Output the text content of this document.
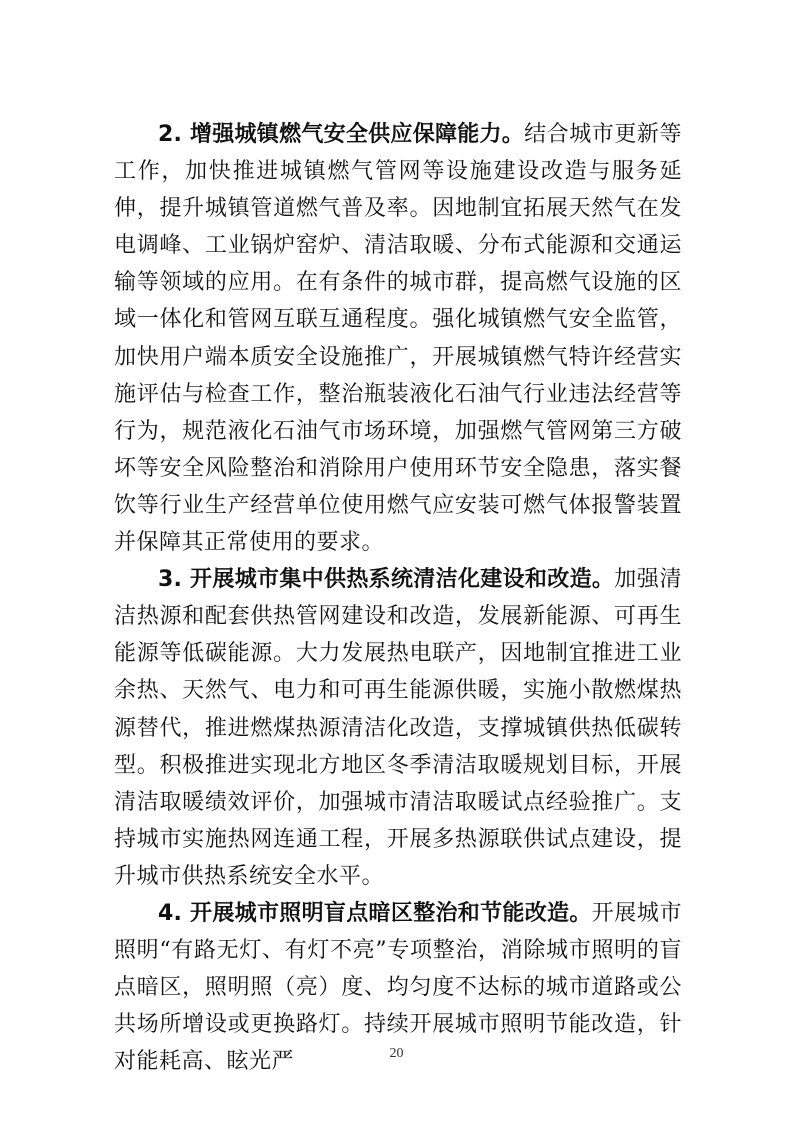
2. 增强城镇燃气安全供应保障能力。结合城市更新等工作，加快推进城镇燃气管网等设施建设改造与服务延伸，提升城镇管道燃气普及率。因地制宜拓展天然气在发电调峰、工业锅炉窑炉、清洁取暖、分布式能源和交通运输等领域的应用。在有条件的城市群，提高燃气设施的区域一体化和管网互联互通程度。强化城镇燃气安全监管，加快用户端本质安全设施推广，开展城镇燃气特许经营实施评估与检查工作，整治瓶装液化石油气行业违法经营等行为，规范液化石油气市场环境，加强燃气管网第三方破坏等安全风险整治和消除用户使用环节安全隐患，落实餐饮等行业生产经营单位使用燃气应安装可燃气体报警装置并保障其正常使用的要求。

3. 开展城市集中供热系统清洁化建设和改造。加强清洁热源和配套供热管网建设和改造，发展新能源、可再生能源等低碳能源。大力发展热电联产，因地制宜推进工业余热、天然气、电力和可再生能源供暖，实施小散燃煤热源替代，推进燃煤热源清洁化改造，支撑城镇供热低碳转型。积极推进实现北方地区冬季清洁取暖规划目标，开展清洁取暖绩效评价，加强城市清洁取暖试点经验推广。支持城市实施热网连通工程，开展多热源联供试点建设，提升城市供热系统安全水平。

4. 开展城市照明盲点暗区整治和节能改造。开展城市照明“有路无灯、有灯不亮”专项整治，消除城市照明的盲点暗区，照明照（亮）度、均匀度不达标的城市道路或公共场所增设或更换路灯。持续开展城市照明节能改造，针对能耗高、眩光严	20
